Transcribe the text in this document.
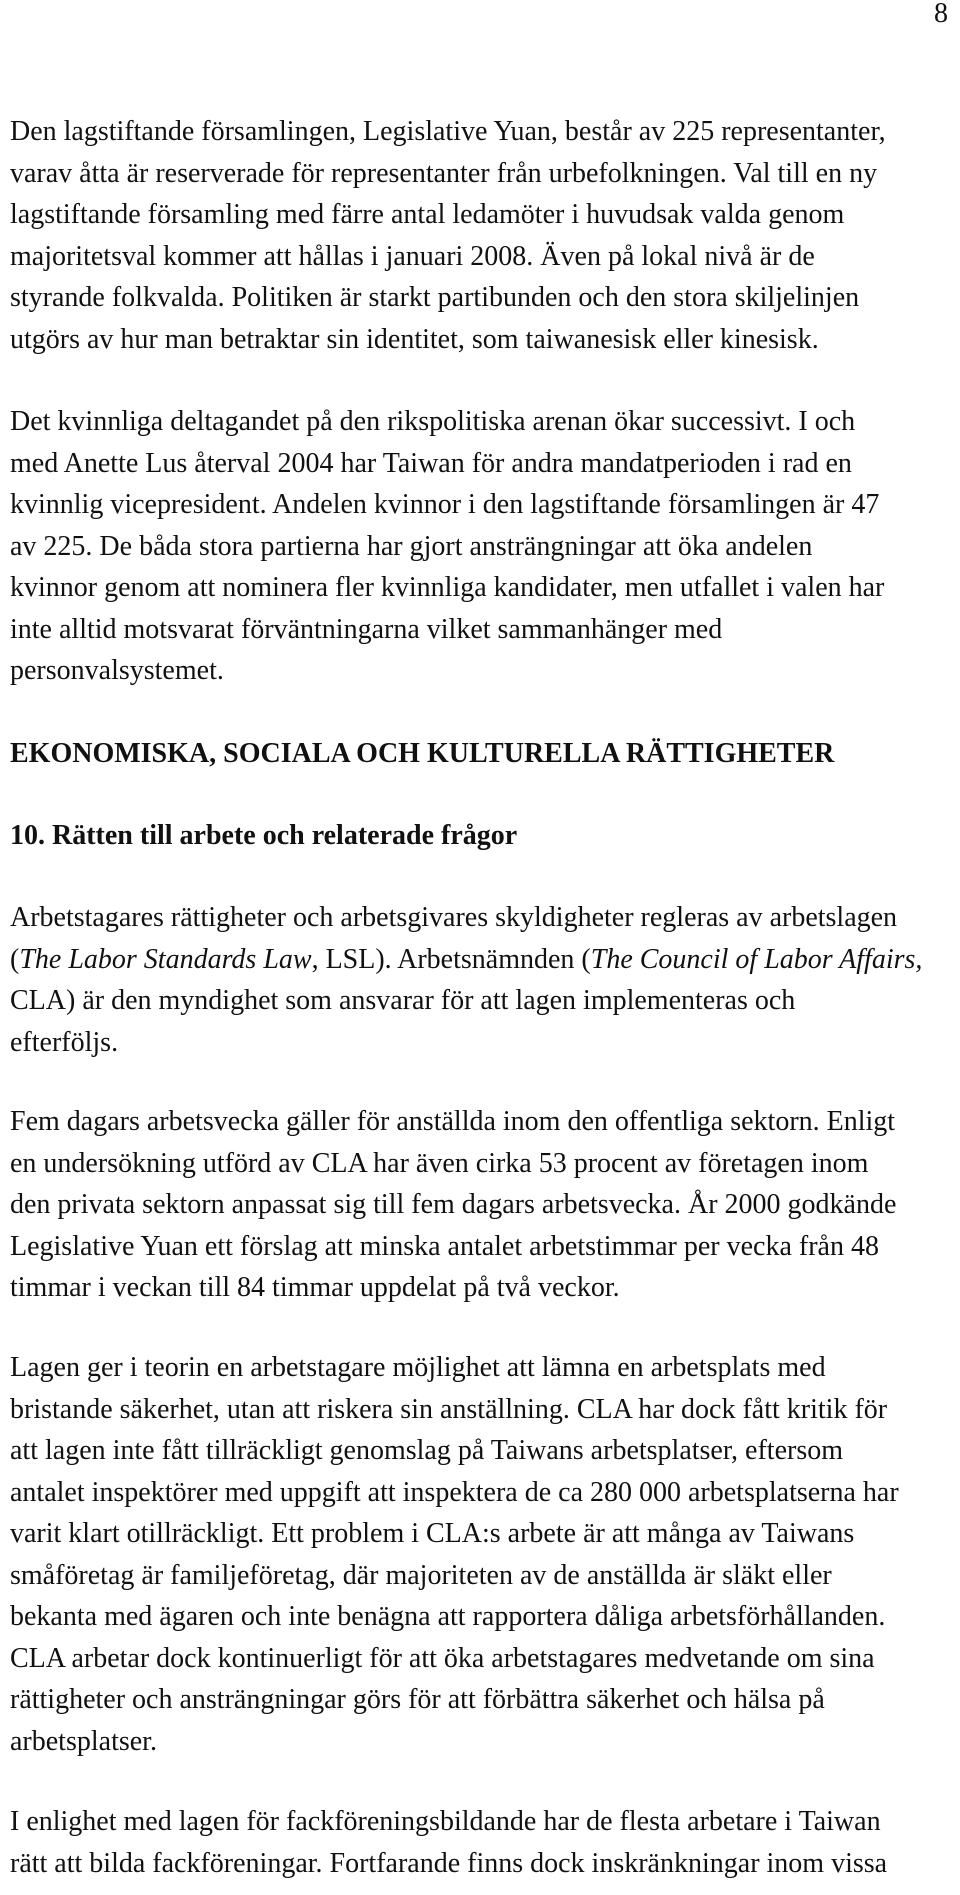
8
Den lagstiftande församlingen, Legislative Yuan, består av 225 representanter,
varav åtta är reserverade för representanter från urbefolkningen. Val till en ny
lagstiftande församling med färre antal ledamöter i huvudsak valda genom
majoritetsval kommer att hållas i januari 2008. Även på lokal nivå är de
styrande folkvalda. Politiken är starkt partibunden och den stora skiljelinjen
utgörs av hur man betraktar sin identitet, som taiwanesisk eller kinesisk.
Det kvinnliga deltagandet på den rikspolitiska arenan ökar successivt. I och
med Anette Lus återval 2004 har Taiwan för andra mandatperioden i rad en
kvinnlig vicepresident. Andelen kvinnor i den lagstiftande församlingen är 47
av 225. De båda stora partierna har gjort ansträngningar att öka andelen
kvinnor genom att nominera fler kvinnliga kandidater, men utfallet i valen har
inte alltid motsvarat förväntningarna vilket sammanhänger med
personvalsystemet.
EKONOMISKA, SOCIALA OCH KULTURELLA RÄTTIGHETER
10. Rätten till arbete och relaterade frågor
Arbetstagares rättigheter och arbetsgivares skyldigheter regleras av arbetslagen
(The Labor Standards Law, LSL). Arbetsnämnden (The Council of Labor Affairs,
CLA) är den myndighet som ansvarar för att lagen implementeras och
efterföljs.
Fem dagars arbetsvecka gäller för anställda inom den offentliga sektorn. Enligt
en undersökning utförd av CLA har även cirka 53 procent av företagen inom
den privata sektorn anpassat sig till fem dagars arbetsvecka. År 2000 godkände
Legislative Yuan ett förslag att minska antalet arbetstimmar per vecka från 48
timmar i veckan till 84 timmar uppdelat på två veckor.
Lagen ger i teorin en arbetstagare möjlighet att lämna en arbetsplats med
bristande säkerhet, utan att riskera sin anställning. CLA har dock fått kritik för
att lagen inte fått tillräckligt genomslag på Taiwans arbetsplatser, eftersom
antalet inspektörer med uppgift att inspektera de ca 280 000 arbetsplatserna har
varit klart otillräckligt. Ett problem i CLA:s arbete är att många av Taiwans
småföretag är familjeföretag, där majoriteten av de anställda är släkt eller
bekanta med ägaren och inte benägna att rapportera dåliga arbetsförhållanden.
CLA arbetar dock kontinuerligt för att öka arbetstagares medvetande om sina
rättigheter och ansträngningar görs för att förbättra säkerhet och hälsa på
arbetsplatser.
I enlighet med lagen för fackföreningsbildande har de flesta arbetare i Taiwan
rätt att bilda fackföreningar. Fortfarande finns dock inskränkningar inom vissa
